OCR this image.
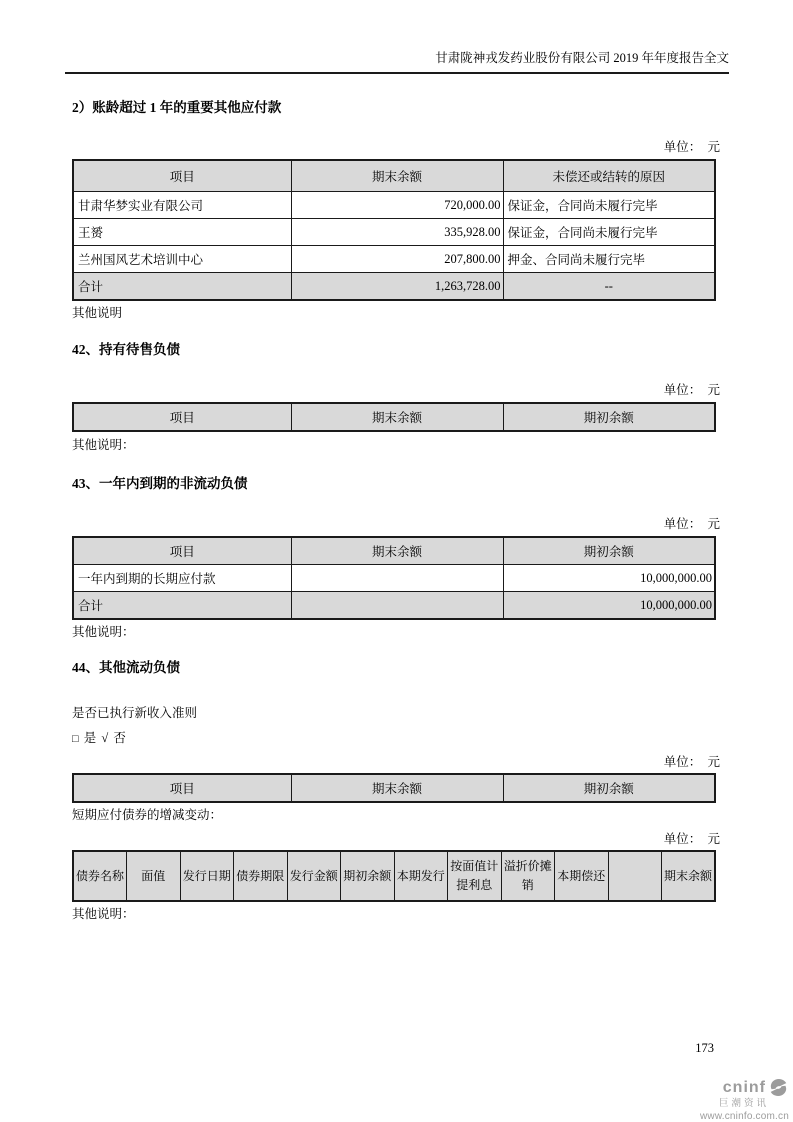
甘肃陇神戎发药业股份有限公司 2019 年年度报告全文
2）账龄超过 1 年的重要其他应付款
单位：　元
项目	期末余额	未偿还或结转的原因
甘肃华梦实业有限公司	720,000.00	保证金，合同尚未履行完毕
王赟	335,928.00	保证金，合同尚未履行完毕
兰州国风艺术培训中心	207,800.00	押金、合同尚未履行完毕
合计	1,263,728.00	--
其他说明
42、持有待售负债
单位：　元
项目	期末余额	期初余额
其他说明：
43、一年内到期的非流动负债
单位：　元
项目	期末余额	期初余额
一年内到期的长期应付款		10,000,000.00
合计		10,000,000.00
其他说明：
44、其他流动负债
是否已执行新收入准则
□ 是 √ 否
单位：　元
项目	期末余额	期初余额
短期应付债券的增减变动：
单位：　元
债券名称	面值	发行日期	债券期限	发行金额	期初余额	本期发行	按面值计提利息	溢折价摊销	本期偿还		期末余额
其他说明：
173
cninf
巨潮资讯
www.cninfo.com.cn
